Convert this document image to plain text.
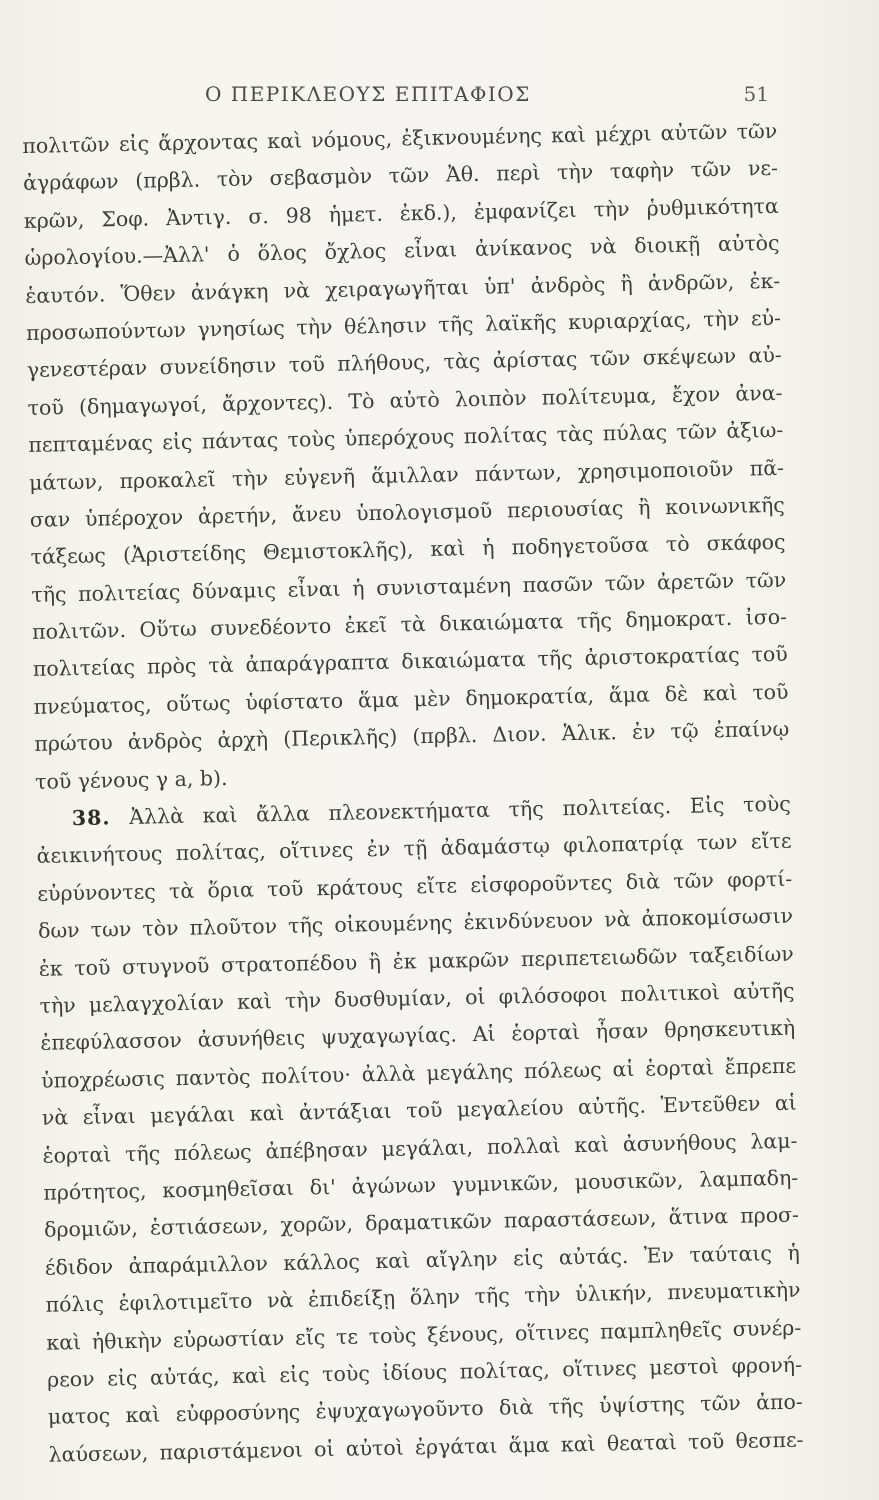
Ο ΠΕΡΙΚΛΕΟΥΣ ΕΠΙΤΑΦΙΟΣ	51
πολιτῶν εἰς ἄρχοντας καὶ νόμους, ἐξικνουμένης καὶ μέχρι αὐτῶν τῶν
ἀγράφων (πρβλ. τὸν σεβασμὸν τῶν Ἀθ. περὶ τὴν ταφὴν τῶν νε-
κρῶν, Σοφ. Ἀντιγ. σ. 98 ἡμετ. ἐκδ.), ἐμφανίζει τὴν ῥυθμικότητα
ὡρολογίου.—Ἀλλ' ὁ ὅλος ὄχλος εἶναι ἀνίκανος νὰ διοικῇ αὐτὸς
ἑαυτόν. Ὅθεν ἀνάγκη νὰ χειραγωγῆται ὑπ' ἀνδρὸς ἢ ἀνδρῶν, ἐκ-
προσωπούντων γνησίως τὴν θέλησιν τῆς λαϊκῆς κυριαρχίας, τὴν εὐ-
γενεστέραν συνείδησιν τοῦ πλήθους, τὰς ἀρίστας τῶν σκέψεων αὐ-
τοῦ (δημαγωγοί, ἄρχοντες). Τὸ αὐτὸ λοιπὸν πολίτευμα, ἔχον ἀνα-
πεπταμένας εἰς πάντας τοὺς ὑπερόχους πολίτας τὰς πύλας τῶν ἀξιω-
μάτων, προκαλεῖ τὴν εὐγενῆ ἅμιλλαν πάντων, χρησιμοποιοῦν πᾶ-
σαν ὑπέροχον ἀρετήν, ἄνευ ὑπολογισμοῦ περιουσίας ἢ κοινωνικῆς
τάξεως (Ἀριστείδης Θεμιστοκλῆς), καὶ ἡ ποδηγετοῦσα τὸ σκάφος
τῆς πολιτείας δύναμις εἶναι ἡ συνισταμένη πασῶν τῶν ἀρετῶν τῶν
πολιτῶν. Οὕτω συνεδέοντο ἐκεῖ τὰ δικαιώματα τῆς δημοκρατ. ἰσο-
πολιτείας πρὸς τὰ ἀπαράγραπτα δικαιώματα τῆς ἀριστοκρατίας τοῦ
πνεύματος, οὕτως ὑφίστατο ἅμα μὲν δημοκρατία, ἅμα δὲ καὶ τοῦ
πρώτου ἀνδρὸς ἀρχὴ (Περικλῆς) (πρβλ. Διον. Ἁλικ. ἐν τῷ ἐπαίνῳ
τοῦ γένους γ a, b).
38. Ἀλλὰ καὶ ἄλλα πλεονεκτήματα τῆς πολιτείας. Εἰς τοὺς
ἀεικινήτους πολίτας, οἵτινες ἐν τῇ ἀδαμάστῳ φιλοπατρίᾳ των εἴτε
εὐρύνοντες τὰ ὅρια τοῦ κράτους εἴτε εἰσφοροῦντες διὰ τῶν φορτί-
δων των τὸν πλοῦτον τῆς οἰκουμένης ἐκινδύνευον νὰ ἀποκομίσωσιν
ἐκ τοῦ στυγνοῦ στρατοπέδου ἢ ἐκ μακρῶν περιπετειωδῶν ταξειδίων
τὴν μελαγχολίαν καὶ τὴν δυσθυμίαν, οἱ φιλόσοφοι πολιτικοὶ αὐτῆς
ἐπεφύλασσον ἀσυνήθεις ψυχαγωγίας. Αἱ ἑορταὶ ἦσαν θρησκευτικὴ
ὑποχρέωσις παντὸς πολίτου· ἀλλὰ μεγάλης πόλεως αἱ ἑορταὶ ἔπρεπε
νὰ εἶναι μεγάλαι καὶ ἀντάξιαι τοῦ μεγαλείου αὐτῆς. Ἐντεῦθεν αἱ
ἑορταὶ τῆς πόλεως ἀπέβησαν μεγάλαι, πολλαὶ καὶ ἀσυνήθους λαμ-
πρότητος, κοσμηθεῖσαι δι' ἀγώνων γυμνικῶν, μουσικῶν, λαμπαδη-
δρομιῶν, ἑστιάσεων, χορῶν, δραματικῶν παραστάσεων, ἅτινα προσ-
έδιδον ἀπαράμιλλον κάλλος καὶ αἴγλην εἰς αὐτάς. Ἐν ταύταις ἡ
πόλις ἐφιλοτιμεῖτο νὰ ἐπιδείξῃ ὅλην τῆς τὴν ὑλικήν, πνευματικὴν
καὶ ἠθικὴν εὐρωστίαν εἴς τε τοὺς ξένους, οἵτινες παμπληθεῖς συνέρ-
ρεον εἰς αὐτάς, καὶ εἰς τοὺς ἰδίους πολίτας, οἵτινες μεστοὶ φρονή-
ματος καὶ εὐφροσύνης ἐψυχαγωγοῦντο διὰ τῆς ὑψίστης τῶν ἀπο-
λαύσεων, παριστάμενοι οἱ αὐτοὶ ἐργάται ἅμα καὶ θεαταὶ τοῦ θεσπε-
